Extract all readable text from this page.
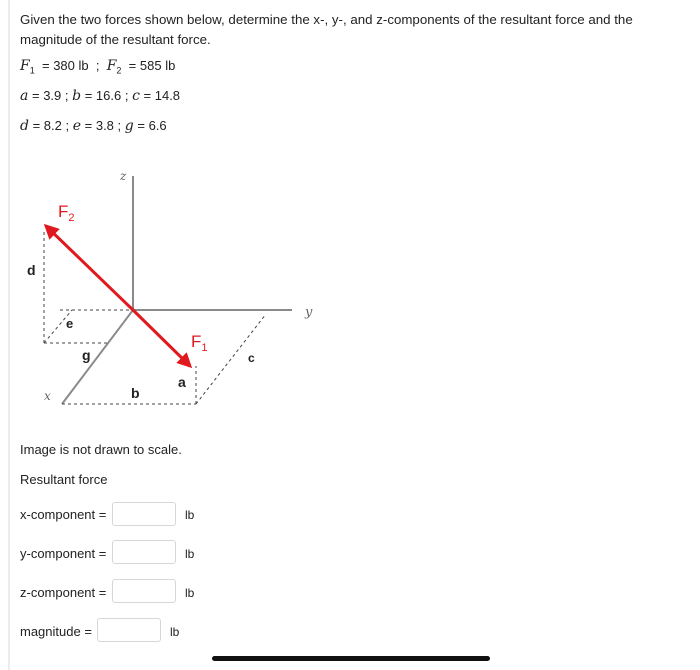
Given the two forces shown below, determine the x-, y-, and z-components of the resultant force and the magnitude of the resultant force.
$F_1 = 380$ lb  ;  $F_2 = 585$ lb
a = 3.9 ; b = 16.6 ; c = 14.8
d = 8.2 ; e = 3.8 ; g = 6.6
z
y
x
$F_2$
$F_1$
d
e
g
b
a
c
Image is not drawn to scale.
Resultant force
x-component =	lb
y-component =	lb
z-component =	lb
magnitude =	lb
